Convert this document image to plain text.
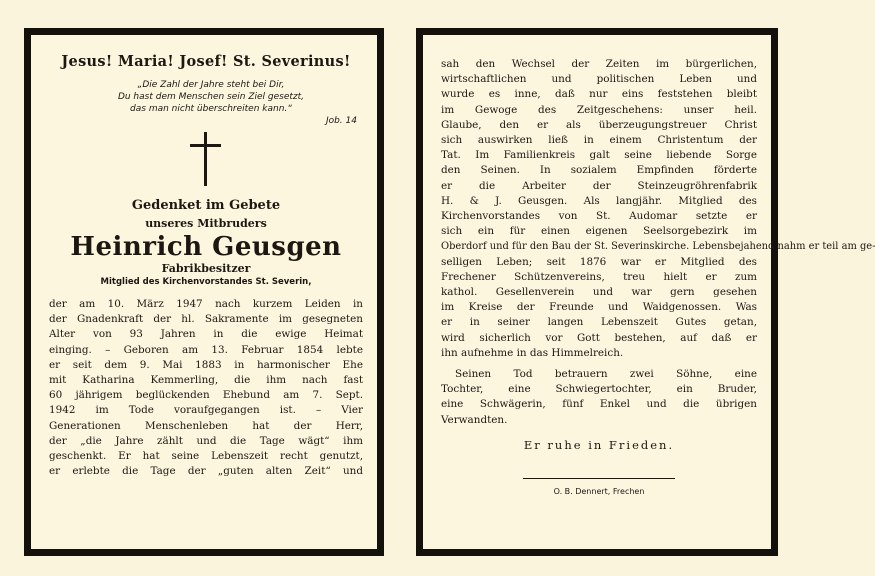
Jesus! Maria! Josef! St. Severinus!
„Die Zahl der Jahre steht bei Dir,
Du hast dem Menschen sein Ziel gesetzt,
das man nicht überschreiten kann.“
Job. 14
Gedenket im Gebete
unseres Mitbruders
Heinrich Geusgen
Fabrikbesitzer
Mitglied des Kirchenvorstandes St. Severin,
der am 10. März 1947 nach kurzem Leiden in
der Gnadenkraft der hl. Sakramente im gesegneten
Alter von 93 Jahren in die ewige Heimat
einging. – Geboren am 13. Februar 1854 lebte
er seit dem 9. Mai 1883 in harmonischer Ehe
mit Katharina Kemmerling, die ihm nach fast
60 jährigem beglückenden Ehebund am 7. Sept.
1942 im Tode voraufgegangen ist. – Vier
Generationen Menschenleben hat der Herr,
der „die Jahre zählt und die Tage wägt“ ihm
geschenkt. Er hat seine Lebenszeit recht genutzt,
er erlebte die Tage der „guten alten Zeit“ und
sah den Wechsel der Zeiten im bürgerlichen,
wirtschaftlichen und politischen Leben und
wurde es inne, daß nur eins feststehen bleibt
im Gewoge des Zeitgeschehens: unser heil.
Glaube, den er als überzeugungstreuer Christ
sich auswirken ließ in einem Christentum der
Tat. Im Familienkreis galt seine liebende Sorge
den Seinen. In sozialem Empfinden förderte
er die Arbeiter der Steinzeugröhrenfabrik
H. & J. Geusgen. Als langjähr. Mitglied des
Kirchenvorstandes von St. Audomar setzte er
sich ein für einen eigenen Seelsorgebezirk im
Oberdorf und für den Bau der St. Severinskirche. Lebensbejahend nahm er teil am ge-
selligen Leben; seit 1876 war er Mitglied des
Frechener Schützenvereins, treu hielt er zum
kathol. Gesellenverein und war gern gesehen
im Kreise der Freunde und Waidgenossen. Was
er in seiner langen Lebenszeit Gutes getan,
wird sicherlich vor Gott bestehen, auf daß er
ihn aufnehme in das Himmelreich.
Seinen Tod betrauern zwei Söhne, eine
Tochter, eine Schwiegertochter, ein Bruder,
eine Schwägerin, fünf Enkel und die übrigen
Verwandten.
Er ruhe in Frieden.
O. B. Dennert, Frechen
